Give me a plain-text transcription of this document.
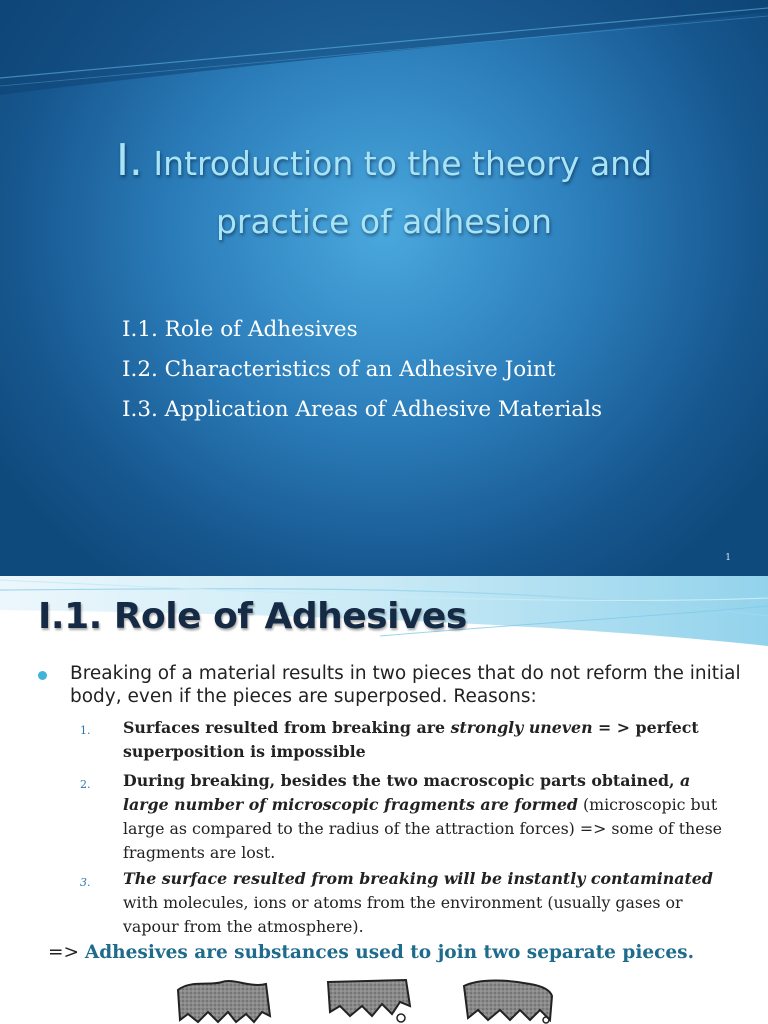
I. Introduction to the theory and
practice of adhesion
I.1. Role of Adhesives
I.2. Characteristics of an Adhesive Joint
I.3. Application Areas of Adhesive Materials
1
I.1. Role of Adhesives

Breaking of a material results in two pieces that do not reform the initial body, even if the pieces are superposed. Reasons:

1. Surfaces resulted from breaking are strongly uneven = > perfect superposition is impossible
2. During breaking, besides the two macroscopic parts obtained, a large number of microscopic fragments are formed (microscopic but large as compared to the radius of the attraction forces) => some of these fragments are lost.
3. The surface resulted from breaking will be instantly contaminated with molecules, ions or atoms from the environment (usually gases or vapour from the atmosphere).
=> Adhesives are substances used to join two separate pieces.
